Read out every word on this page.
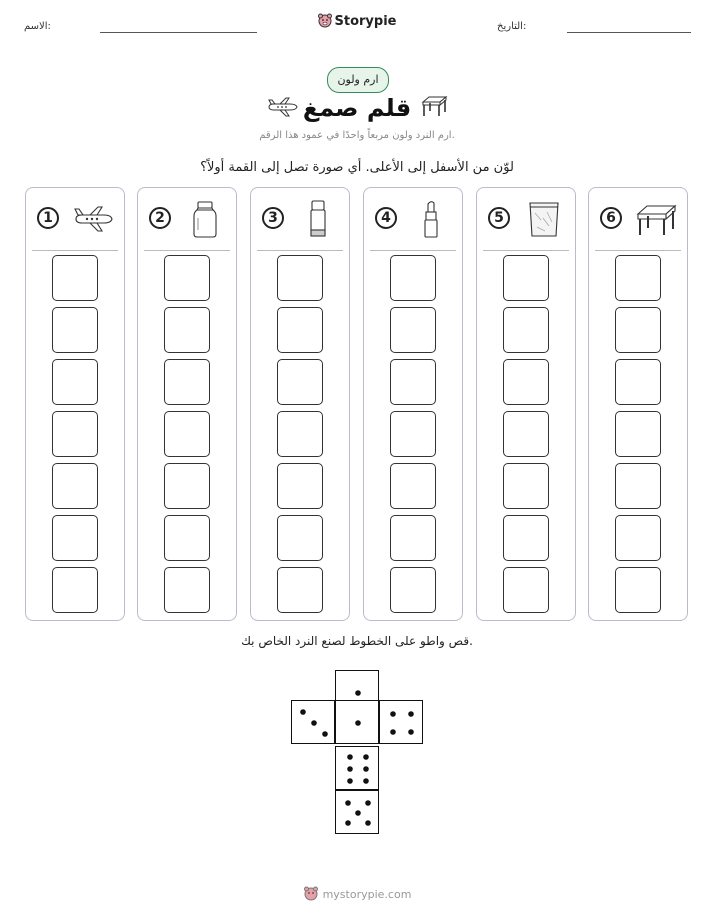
الاسم:	Storypie	التاريخ:
ارم ولون
قلم صمغ
ارم النرد ولون مربعاً واحدًا في عمود هذا الرقم.
لوّن من الأسفل إلى الأعلى. أي صورة تصل إلى القمة أولاً؟
1	2	3	4	5	6
قص واطو على الخطوط لصنع النرد الخاص بك.
mystorypie.com
